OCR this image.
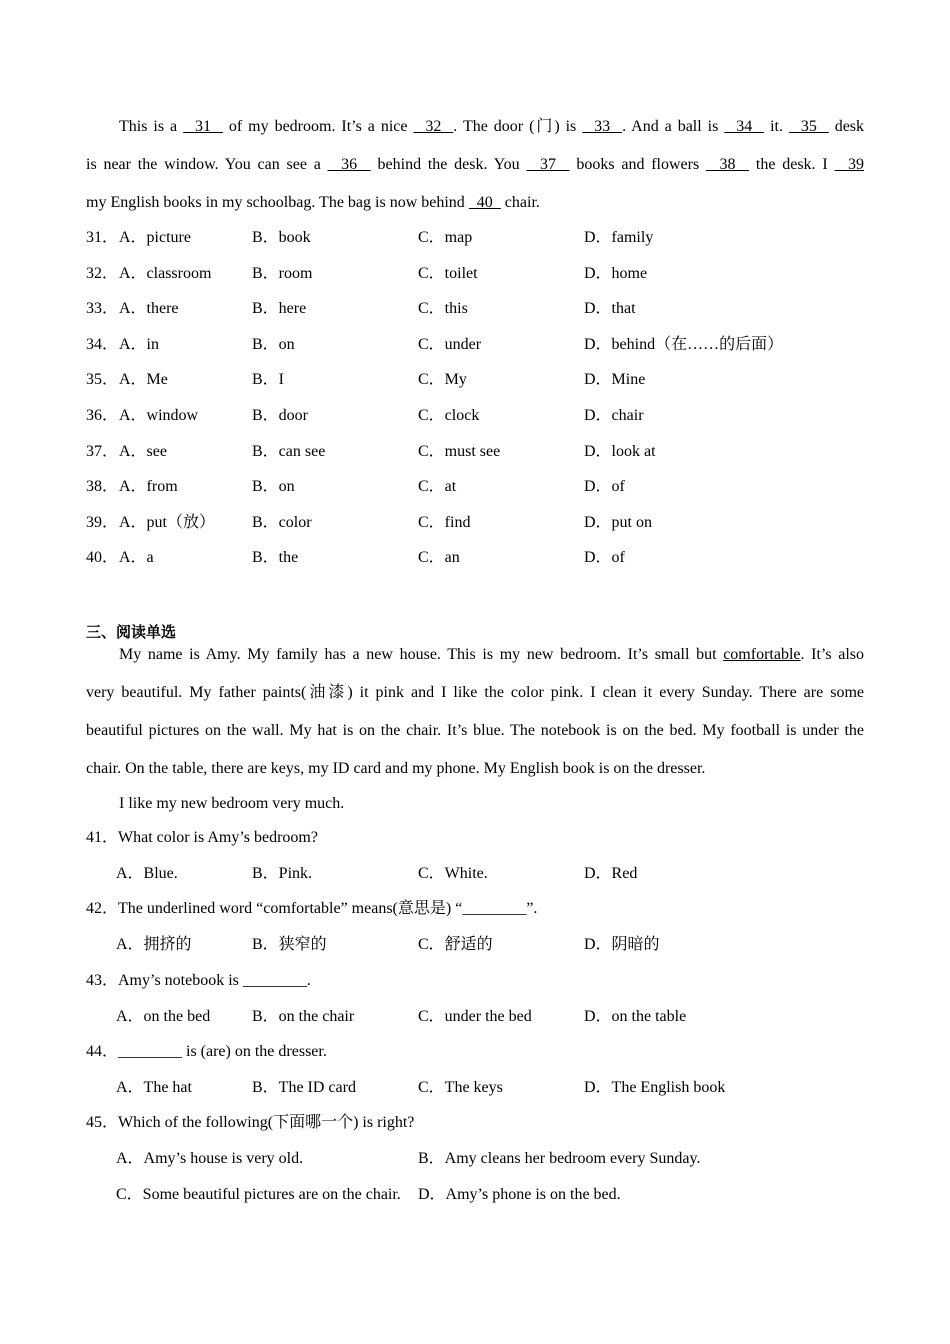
This is a   31   of my bedroom. It’s a nice   32  . The door (门) is   33  . And a ball is   34   it.   35   desk
is near the window. You can see a   36   behind the desk. You   37   books and flowers   38   the desk. I   39
my English books in my schoolbag. The bag is now behind   40   chair.
31． A．picture	B．book	C．map	D．family
32． A．classroom	B．room	C．toilet	D．home
33． A．there	B．here	C．this	D．that
34． A．in	B．on	C．under	D．behind（在……的后面）
35． A．Me	B．I	C．My	D．Mine
36． A．window	B．door	C．clock	D．chair
37． A．see	B．can see	C．must see	D．look at
38． A．from	B．on	C．at	D．of
39． A．put（放） B．color	C．find	D．put on
40． A．a	B．the	C．an	D．of
三、阅读单选
My name is Amy. My family has a new house. This is my new bedroom. It’s small but comfortable. It’s also
very beautiful. My father paints(油漆) it pink and I like the color pink. I clean it every Sunday. There are some
beautiful pictures on the wall. My hat is on the chair. It’s blue. The notebook is on the bed. My football is under the
chair. On the table, there are keys, my ID card and my phone. My English book is on the dresser.
I like my new bedroom very much.
41．What color is Amy’s bedroom?
A．Blue.	B．Pink.	C．White.	D．Red
42．The underlined word “comfortable” means(意思是) “________”.
A．拥挤的	B．狭窄的	C．舒适的	D．阴暗的
43．Amy’s notebook is ________.
A．on the bed	B．on the chair	C．under the bed	D．on the table
44．________ is (are) on the dresser.
A．The hat	B．The ID card	C．The keys	D．The English book
45．Which of the following(下面哪一个) is right?
A．Amy’s house is very old.	B．Amy cleans her bedroom every Sunday.
C．Some beautiful pictures are on the chair. D．Amy’s phone is on the bed.
